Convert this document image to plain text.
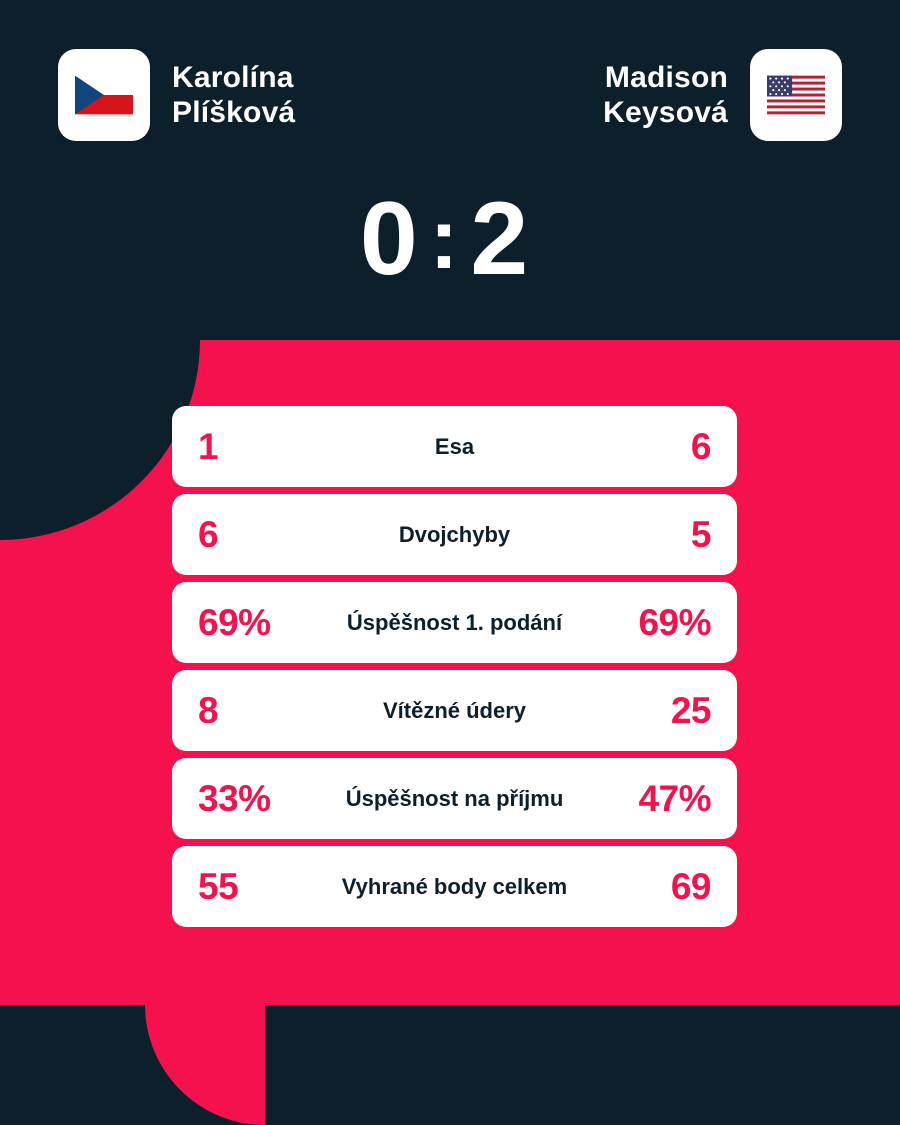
Karolína
Plíšková
Madison
Keysová
0:2
1	Esa	6
6	Dvojchyby	5
69%	Úspěšnost 1. podání	69%
8	Vítězné údery	25
33%	Úspěšnost na příjmu	47%
55	Vyhrané body celkem	69
